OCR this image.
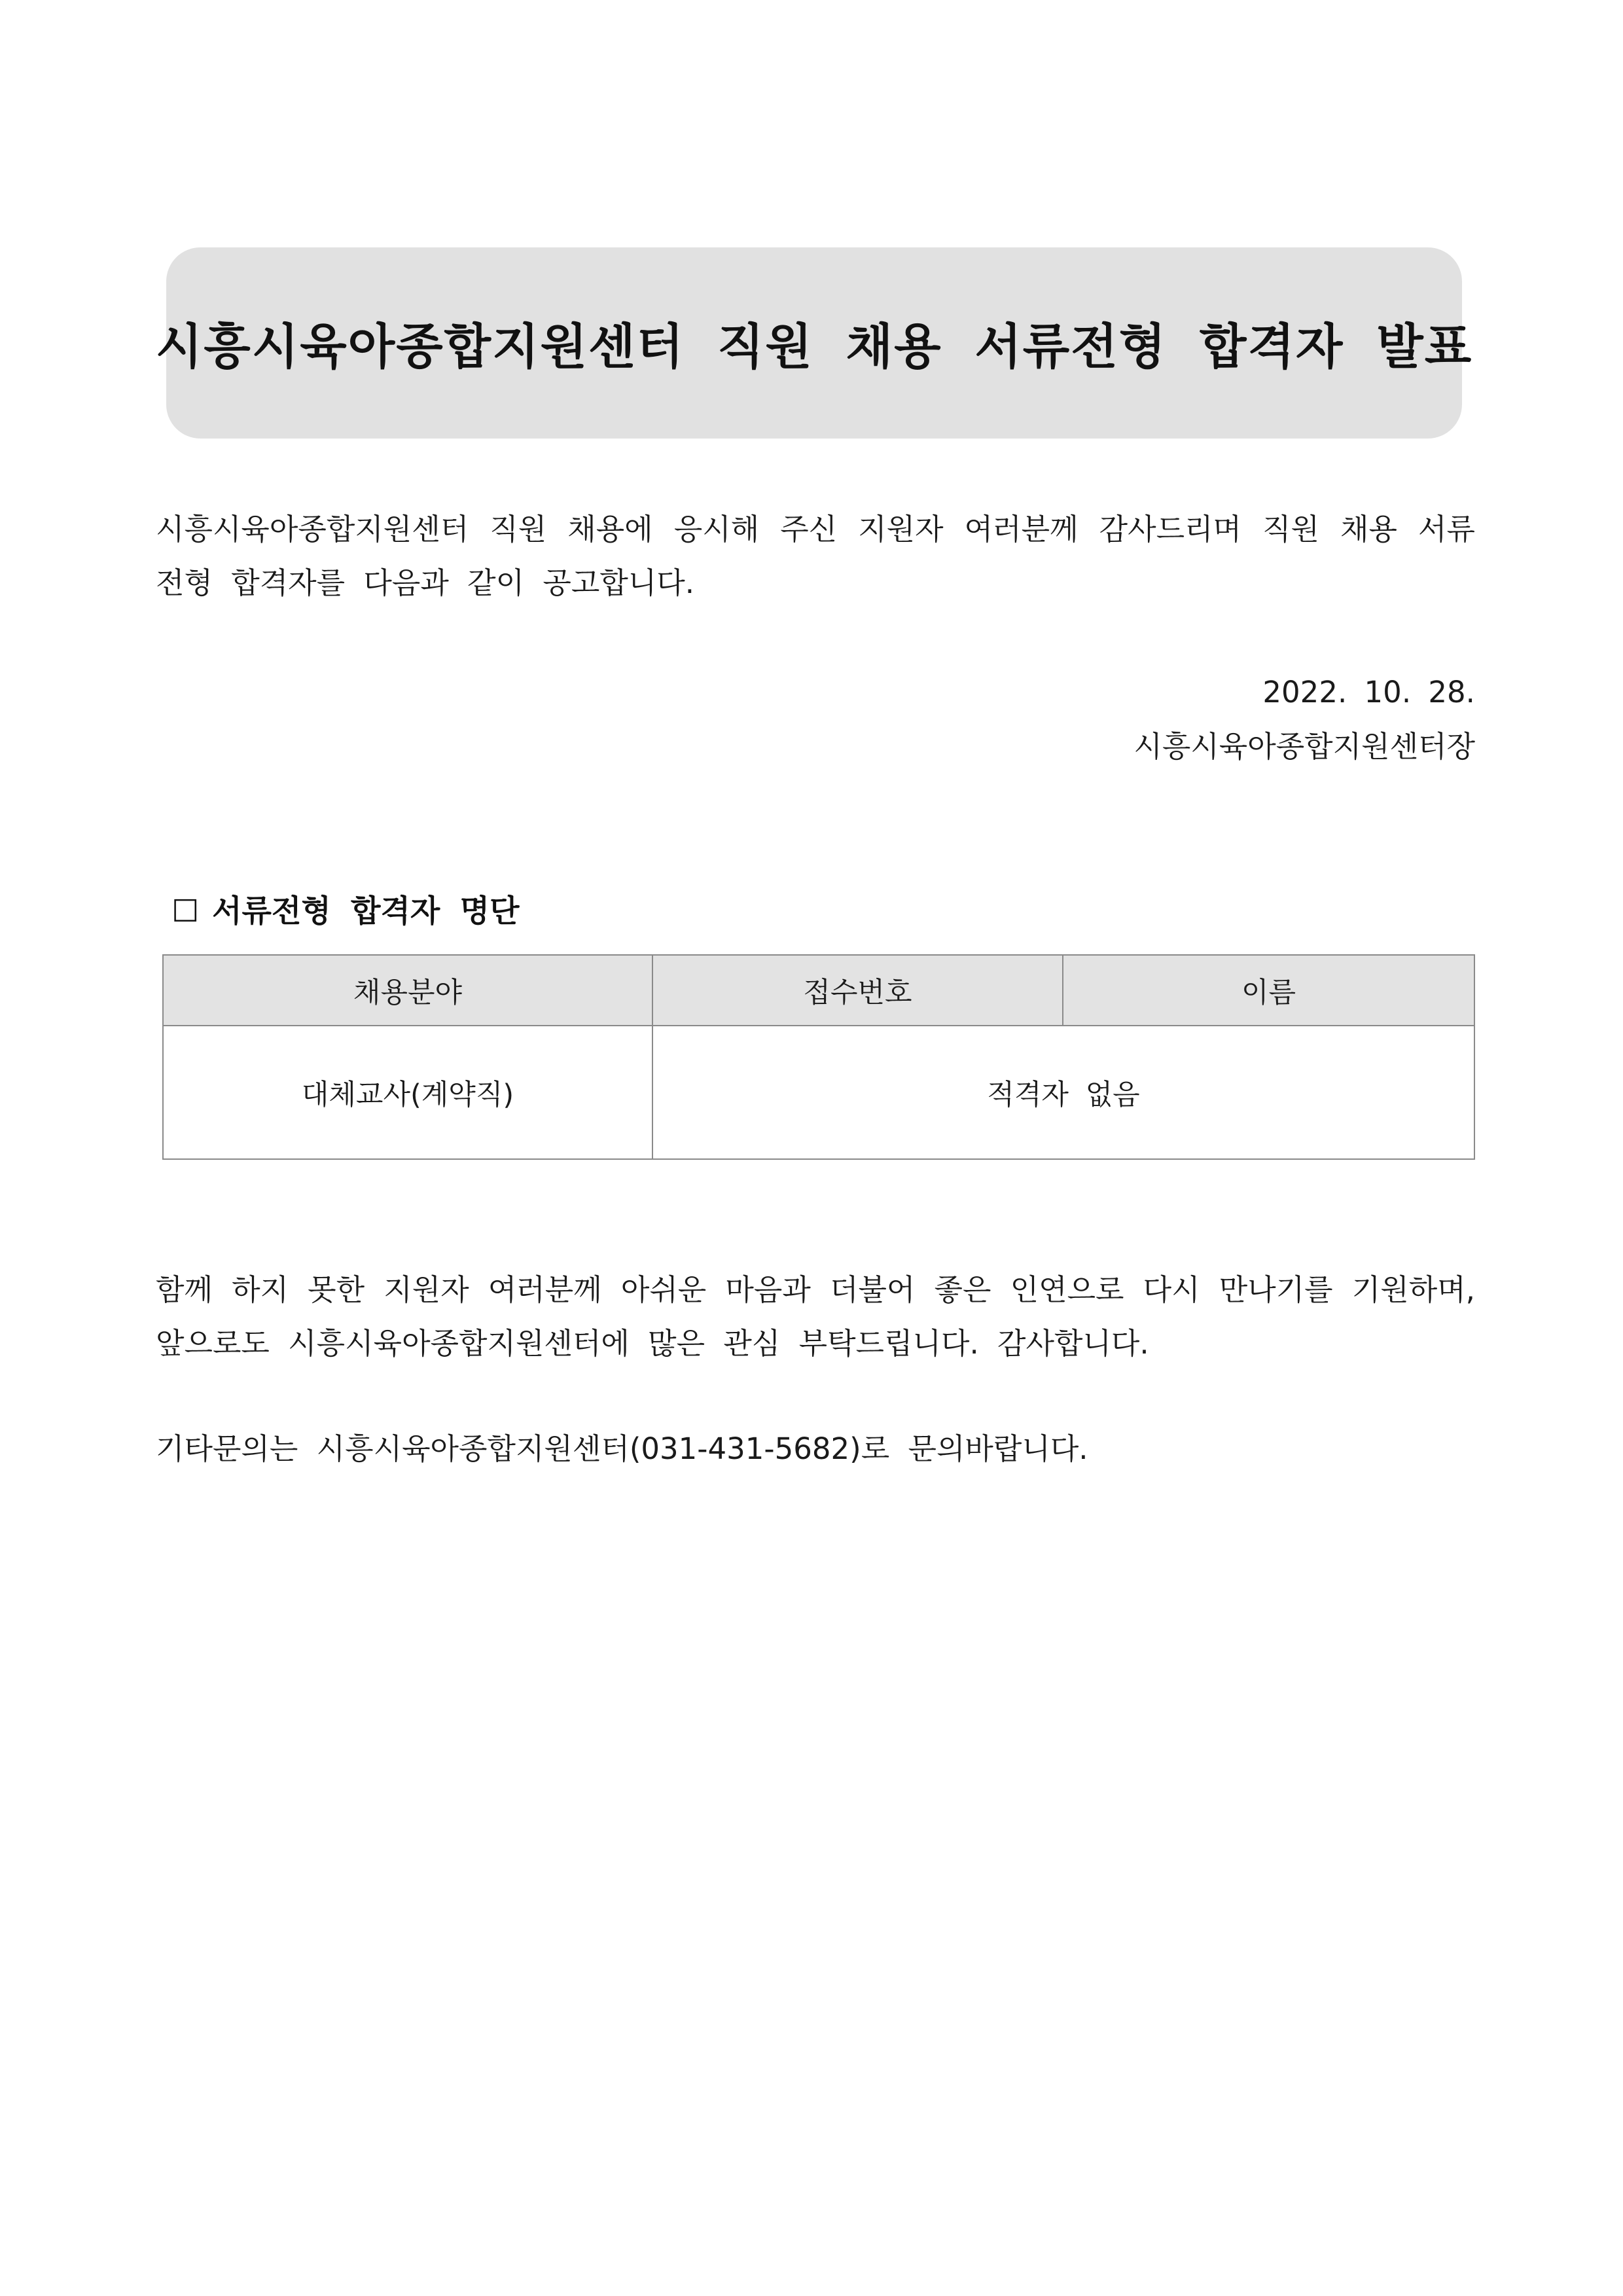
시흥시육아종합지원센터 직원 채용 서류전형 합격자 발표
시흥시육아종합지원센터 직원 채용에 응시해 주신 지원자 여러분께 감사드리며 직원 채용 서류전형 합격자를 다음과 같이 공고합니다.
2022. 10. 28.
시흥시육아종합지원센터장
☐ 서류전형 합격자 명단
채용분야	접수번호	이름
대체교사(계약직)	적격자 없음	
함께 하지 못한 지원자 여러분께 아쉬운 마음과 더불어 좋은 인연으로 다시 만나기를 기원하며, 앞으로도 시흥시육아종합지원센터에 많은 관심 부탁드립니다. 감사합니다.
기타문의는 시흥시육아종합지원센터(031-431-5682)로 문의바랍니다.
